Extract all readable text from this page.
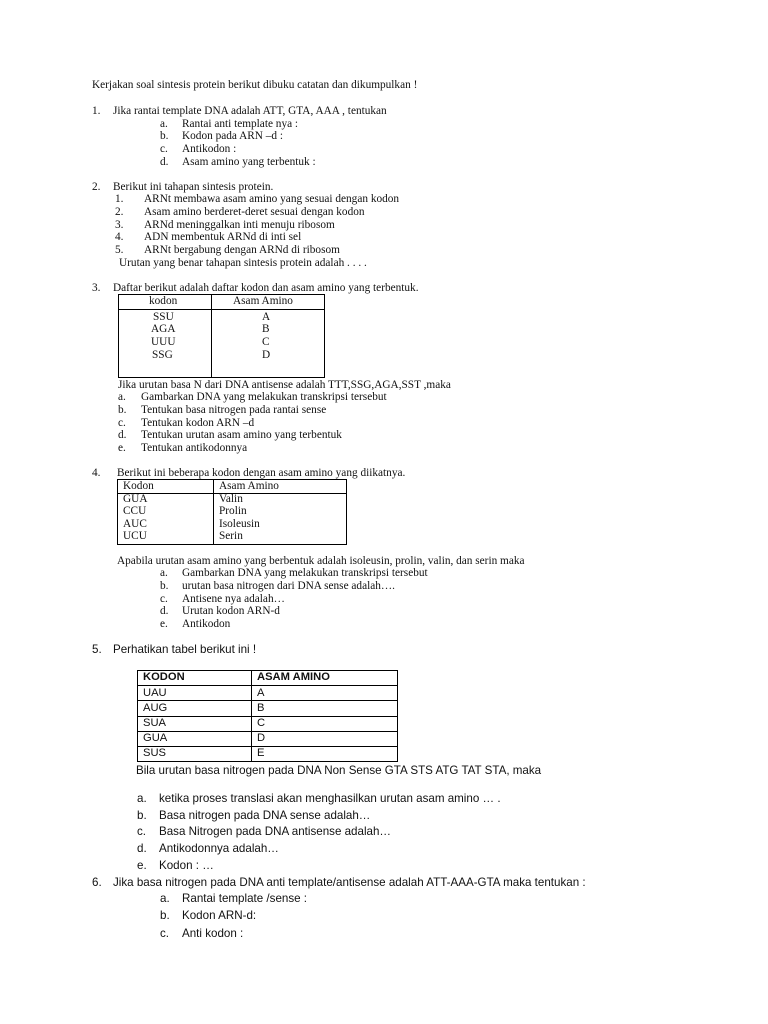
Kerjakan soal sintesis protein berikut dibuku catatan dan dikumpulkan !
1. Jika rantai template DNA adalah ATT, GTA, AAA , tentukan
a. Rantai anti template nya :
b. Kodon pada ARN –d :
c. Antikodon :
d. Asam amino yang terbentuk :
2. Berikut ini tahapan sintesis protein.
1. ARNt membawa asam amino yang sesuai dengan kodon
2. Asam amino berderet-deret sesuai dengan kodon
3. ARNd meninggalkan inti menuju ribosom
4. ADN membentuk ARNd di inti sel
5. ARNt bergabung dengan ARNd di ribosom
Urutan yang benar tahapan sintesis protein adalah . . . .
3. Daftar berikut adalah daftar kodon dan asam amino yang terbentuk.
kodon	Asam Amino
SSU	A
AGA	B
UUU	C
SSG	D
Jika urutan basa N dari DNA antisense adalah TTT,SSG,AGA,SST ,maka
a. Gambarkan DNA yang melakukan transkripsi tersebut
b. Tentukan basa nitrogen pada rantai sense
c. Tentukan kodon ARN –d
d. Tentukan urutan asam amino yang terbentuk
e. Tentukan antikodonnya
4. Berikut ini beberapa kodon dengan asam amino yang diikatnya.
Kodon	Asam Amino
GUA	Valin
CCU	Prolin
AUC	Isoleusin
UCU	Serin
Apabila urutan asam amino yang berbentuk adalah isoleusin, prolin, valin, dan serin maka
a. Gambarkan DNA yang melakukan transkripsi tersebut
b. urutan basa nitrogen dari DNA sense adalah….
c. Antisene nya adalah…
d. Urutan kodon ARN-d
e. Antikodon
5. Perhatikan tabel berikut ini !
KODON	ASAM AMINO
UAU	A
AUG	B
SUA	C
GUA	D
SUS	E
Bila urutan basa nitrogen pada DNA Non Sense GTA STS ATG TAT STA, maka
a. ketika proses translasi akan menghasilkan urutan asam amino … .
b. Basa nitrogen pada DNA sense adalah…
c. Basa Nitrogen pada DNA antisense adalah…
d. Antikodonnya adalah…
e. Kodon : …
6. Jika basa nitrogen pada DNA anti template/antisense adalah ATT-AAA-GTA maka tentukan :
a. Rantai template /sense :
b. Kodon ARN-d:
c. Anti kodon :
